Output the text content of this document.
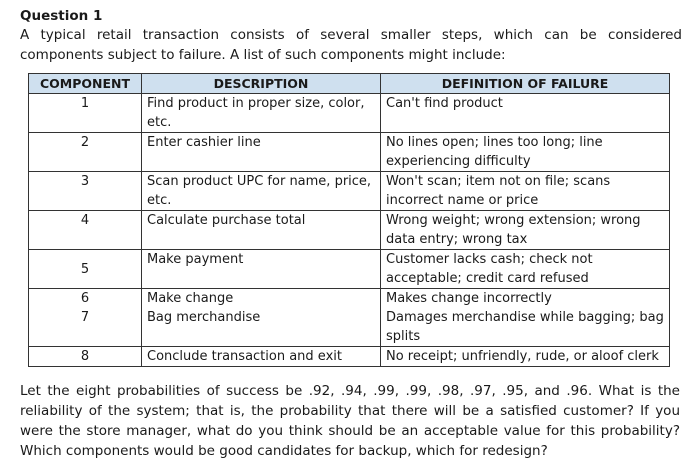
Question 1

A typical retail transaction consists of several smaller steps, which can be considered components subject to failure. A list of such components might include:

COMPONENT	DESCRIPTION	DEFINITION OF FAILURE
1	Find product in proper size, color, etc.	Can't find product
2	Enter cashier line	No lines open; lines too long; line experiencing difficulty
3	Scan product UPC for name, price, etc.	Won't scan; item not on file; scans incorrect name or price
4	Calculate purchase total	Wrong weight; wrong extension; wrong data entry; wrong tax
5	Make payment	Customer lacks cash; check not acceptable; credit card refused
6	Make change	Makes change incorrectly
7	Bag merchandise	Damages merchandise while bagging; bag splits
8	Conclude transaction and exit	No receipt; unfriendly, rude, or aloof clerk

Let the eight probabilities of success be .92, .94, .99, .99, .98, .97, .95, and .96. What is the reliability of the system; that is, the probability that there will be a satisfied customer? If you were the store manager, what do you think should be an acceptable value for this probability? Which components would be good candidates for backup, which for redesign?
